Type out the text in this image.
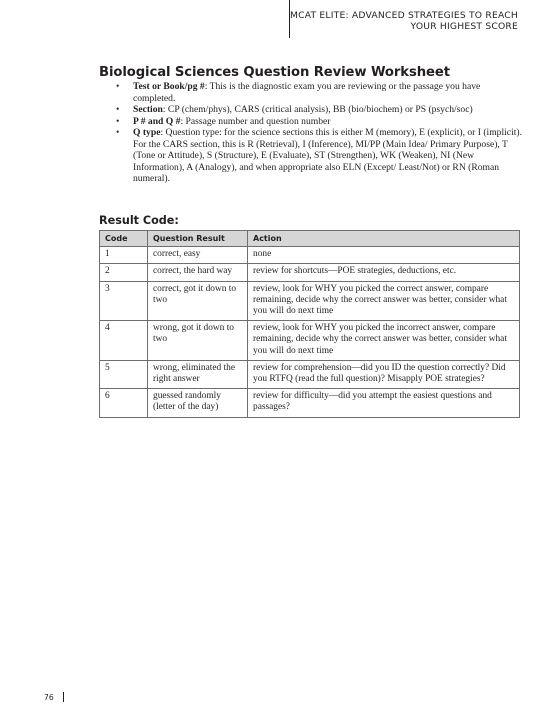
MCAT ELITE: ADVANCED STRATEGIES TO REACH
YOUR HIGHEST SCORE
Biological Sciences Question Review Worksheet
• Test or Book/pg #: This is the diagnostic exam you are reviewing or the passage you have completed.
• Section: CP (chem/phys), CARS (critical analysis), BB (bio/biochem) or PS (psych/soc)
• P # and Q #: Passage number and question number
• Q type: Question type: for the science sections this is either M (memory), E (explicit), or I (implicit). For the CARS section, this is R (Retrieval), I (Inference), MI/PP (Main Idea/ Primary Purpose), T (Tone or Attitude), S (Structure), E (Evaluate), ST (Strengthen), WK (Weaken), NI (New Information), A (Analogy), and when appropriate also ELN (Except/ Least/Not) or RN (Roman numeral).
Result Code:
Code	Question Result	Action
1	correct, easy	none
2	correct, the hard way	review for shortcuts—POE strategies, deductions, etc.
3	correct, got it down to two	review, look for WHY you picked the correct answer, compare remaining, decide why the correct answer was better, consider what you will do next time
4	wrong, got it down to two	review, look for WHY you picked the incorrect answer, compare remaining, decide why the correct answer was better, consider what you will do next time
5	wrong, eliminated the right answer	review for comprehension—did you ID the question correctly? Did you RTFQ (read the full question)? Misapply POE strategies?
6	guessed randomly (letter of the day)	review for difficulty—did you attempt the easiest questions and passages?
76
